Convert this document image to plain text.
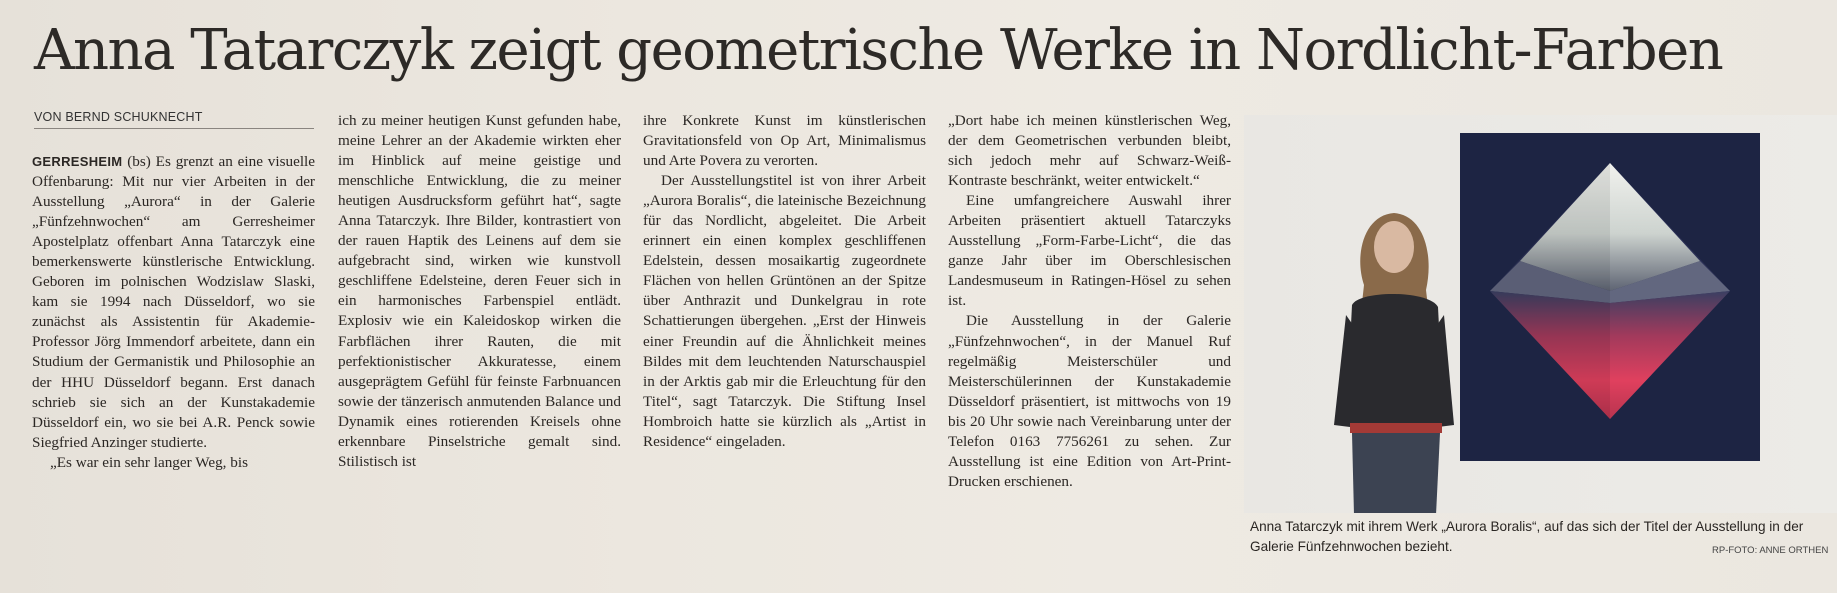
Anna Tatarczyk zeigt geometrische Werke in Nordlicht-Farben
VON BERND SCHUKNECHT

GERRESHEIM (bs) Es grenzt an eine visuelle Offenbarung: Mit nur vier Arbeiten in der Ausstellung „Aurora“ in der Galerie „Fünfzehnwochen“ am Gerresheimer Apostelplatz offenbart Anna Tatarczyk eine bemerkenswerte künstlerische Entwicklung. Geboren im polnischen Wodzislaw Slaski, kam sie 1994 nach Düsseldorf, wo sie zunächst als Assistentin für Akademie-Professor Jörg Immendorf arbeitete, dann ein Studium der Germanistik und Philosophie an der HHU Düsseldorf begann. Erst danach schrieb sie sich an der Kunstakademie Düsseldorf ein, wo sie bei A.R. Penck sowie Siegfried Anzinger studierte.

„Es war ein sehr langer Weg, bis

ich zu meiner heutigen Kunst gefunden habe, meine Lehrer an der Akademie wirkten eher im Hinblick auf meine geistige und menschliche Entwicklung, die zu meiner heutigen Ausdrucksform geführt hat“, sagte Anna Tatarczyk. Ihre Bilder, kontrastiert von der rauen Haptik des Leinens auf dem sie aufgebracht sind, wirken wie kunstvoll geschliffene Edelsteine, deren Feuer sich in ein harmonisches Farbenspiel entlädt. Explosiv wie ein Kaleidoskop wirken die Farbflächen ihrer Rauten, die mit perfektionistischer Akkuratesse, einem ausgeprägtem Gefühl für feinste Farbnuancen sowie der tänzerisch anmutenden Balance und Dynamik eines rotierenden Kreisels ohne erkennbare Pinselstriche gemalt sind. Stilistisch ist

ihre Konkrete Kunst im künstlerischen Gravitationsfeld von Op Art, Minimalismus und Arte Povera zu verorten.

Der Ausstellungstitel ist von ihrer Arbeit „Aurora Boralis“, die lateinische Bezeichnung für das Nordlicht, abgeleitet. Die Arbeit erinnert ein einen komplex geschliffenen Edelstein, dessen mosaikartig zugeordnete Flächen von hellen Grüntönen an der Spitze über Anthrazit und Dunkelgrau in rote Schattierungen übergehen. „Erst der Hinweis einer Freundin auf die Ähnlichkeit meines Bildes mit dem leuchtenden Naturschauspiel in der Arktis gab mir die Erleuchtung für den Titel“, sagt Tatarczyk. Die Stiftung Insel Hombroich hatte sie kürzlich als „Artist in Residence“ eingeladen.

„Dort habe ich meinen künstlerischen Weg, der dem Geometrischen verbunden bleibt, sich jedoch mehr auf Schwarz-Weiß-Kontraste beschränkt, weiter entwickelt.“

Eine umfangreichere Auswahl ihrer Arbeiten präsentiert aktuell Tatarczyks Ausstellung „Form-Farbe-Licht“, die das ganze Jahr über im Oberschlesischen Landesmuseum in Ratingen-Hösel zu sehen ist.

Die Ausstellung in der Galerie „Fünfzehnwochen“, in der Manuel Ruf regelmäßig Meisterschüler und Meisterschülerinnen der Kunstakademie Düsseldorf präsentiert, ist mittwochs von 19 bis 20 Uhr sowie nach Vereinbarung unter der Telefon 0163 7756261 zu sehen. Zur Ausstellung ist eine Edition von Art-Print-Drucken erschienen.

Anna Tatarczyk mit ihrem Werk „Aurora Boralis“, auf das sich der Titel der Ausstellung in der Galerie Fünfzehnwochen bezieht.	RP-FOTO: ANNE ORTHEN
